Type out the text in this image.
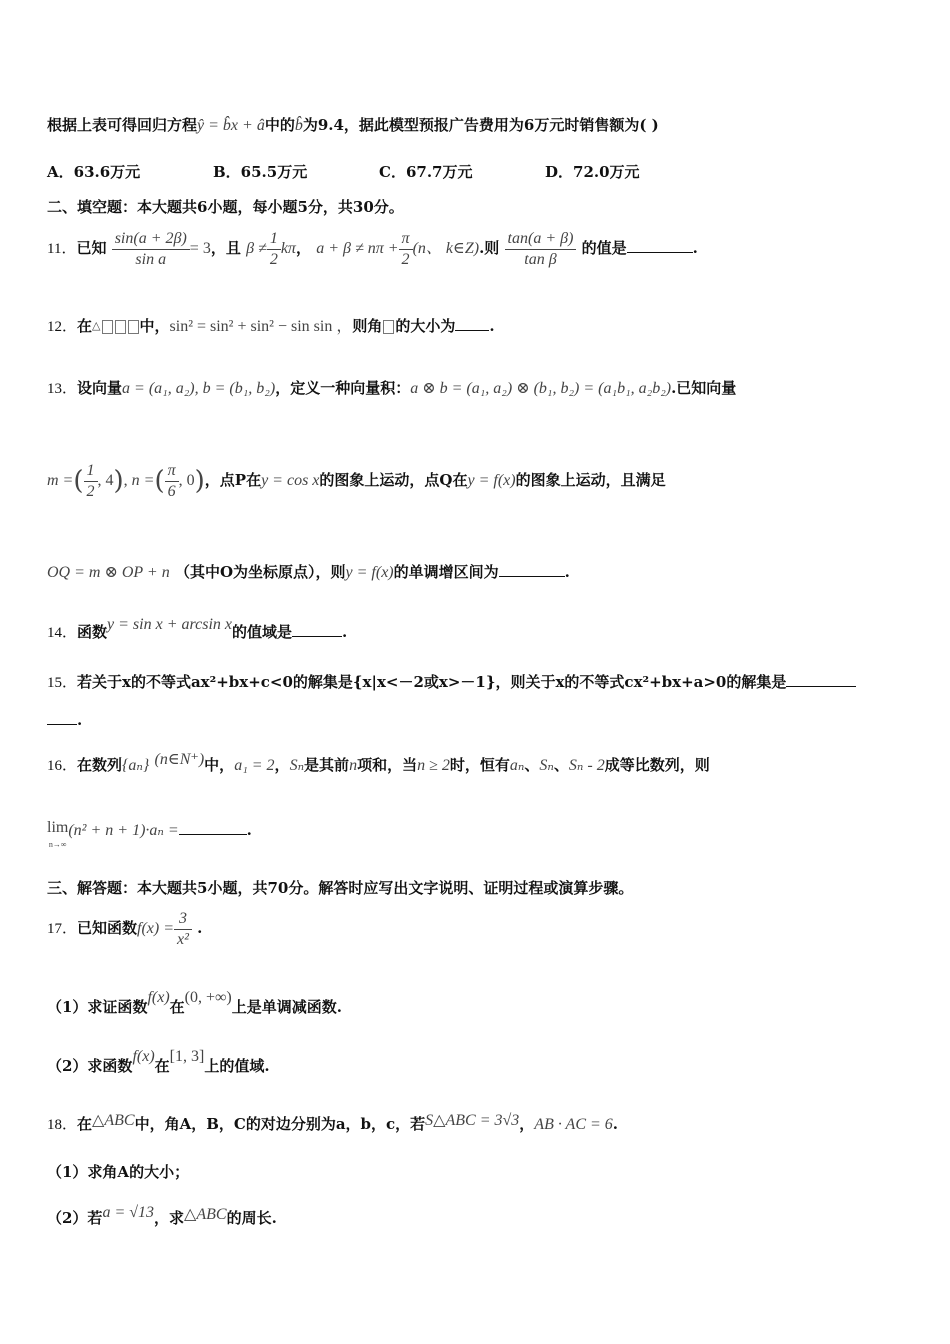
根据上表可得回归方程ŷ = b̂x + â中的b̂为9.4，据此模型预报广告费用为6万元时销售额为( )
A．63.6万元	B．65.5万元	C．67.7万元	D．72.0万元
二、填空题：本大题共6小题，每小题5分，共30分。
11．已知 $\frac{\sin(a + 2\beta)}{\text{sin a}} = 3$，且 $\beta \ne \frac{1}{2}$ kπ， $a + \beta \ne n\pi + \frac{\pi}{2} (n$、 k∈Z).则 $\frac{\tan(a + \beta)}{\text{tan β}}$ 的值是	.
12．在△	中，sin² = sin² + sin² − sin sin ，则角 的大小为 .
13．设向量a = (a₁, a₂), b = (b₁, b₂)，定义一种向量积：a ⊗ b = (a₁, a₂) ⊗ (b₁, b₂) = (a₁b₁, a₂b₂).已知向量
m =( $\frac{1}{2}$ , 4), n =( $\frac{\pi}{6}$ , 0)，点P在y = cos x的图象上运动，点Q在y = f(x)的图象上运动，且满足
OQ = m ⊗ OP + n （其中O为坐标原点），则y = f(x)的单调增区间为	.
14．函数y = sin x + arcsin x的值域是	.
15．若关于x的不等式ax²+bx+c<0的解集是{x|x<－2或x>－1}，则关于x的不等式cx²+bx+a>0的解集是
.
16．在数列{aₙ} (n∈N⁺)中，a₁ = 2，Sₙ是其前n项和，当n ≥ 2时，恒有aₙ、Sₙ、Sₙ - 2成等比数列，则
lim
n→∞(n² + n + 1)·aₙ =	.
三、解答题：本大题共5小题，共70分。解答时应写出文字说明、证明过程或演算步骤。
17．已知函数$f(x) = \frac{3}{\text{x²}}$ .
（1）求证函数f(x)在(0, +∞)上是单调减函数.
（2）求函数f(x)在[1, 3]上的值域.
18．在△ABC中，角A，B，C的对边分别为a，b，c，若S△ABC = 3√3，AB · AC = 6.
（1）求角A的大小；
（2）若a = √13，求△ABC的周长.
